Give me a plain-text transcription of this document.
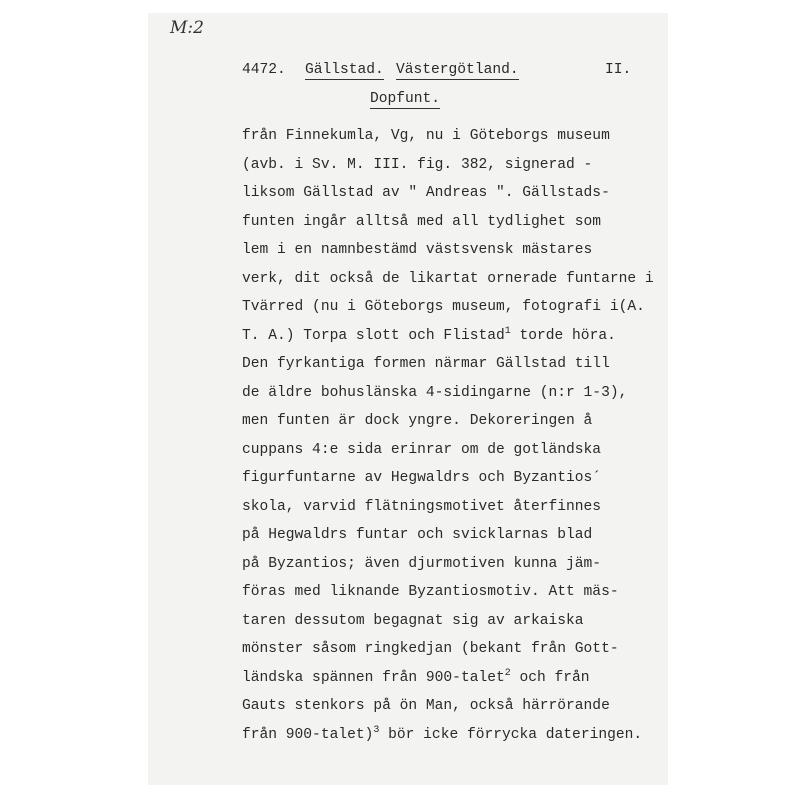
M:2
4472. Gällstad. Västergötland.	II.
Dopfunt.
från Finnekumla, Vg, nu i Göteborgs museum
(avb. i Sv. M. III. fig. 382, signerad -
liksom Gällstad av " Andreas ". Gällstads-
funten ingår alltså med all tydlighet som
lem i en namnbestämd västsvensk mästares
verk, dit också de likartat ornerade funtarne i
Tvärred (nu i Göteborgs museum, fotografi i(A.
T. A.) Torpa slott och Flistad$^1$ torde höra.
Den fyrkantiga formen närmar Gällstad till
de äldre bohuslänska 4-sidingarne (n:r 1-3),
men funten är dock yngre. Dekoreringen å
cuppans 4:e sida erinrar om de gotländska
figurfuntarne av Hegwaldrs och Byzantios´
skola, varvid flätningsmotivet återfinnes
på Hegwaldrs funtar och svicklarnas blad
på Byzantios; även djurmotiven kunna jäm-
föras med liknande Byzantiosmotiv. Att mäs-
taren dessutom begagnat sig av arkaiska
mönster såsom ringkedjan (bekant från Gott-
ländska spännen från 900-talet$^2$ och från
Gauts stenkors på ön Man, också härrörande
från 900-talet)$^3$ bör icke förrycka dateringen.
